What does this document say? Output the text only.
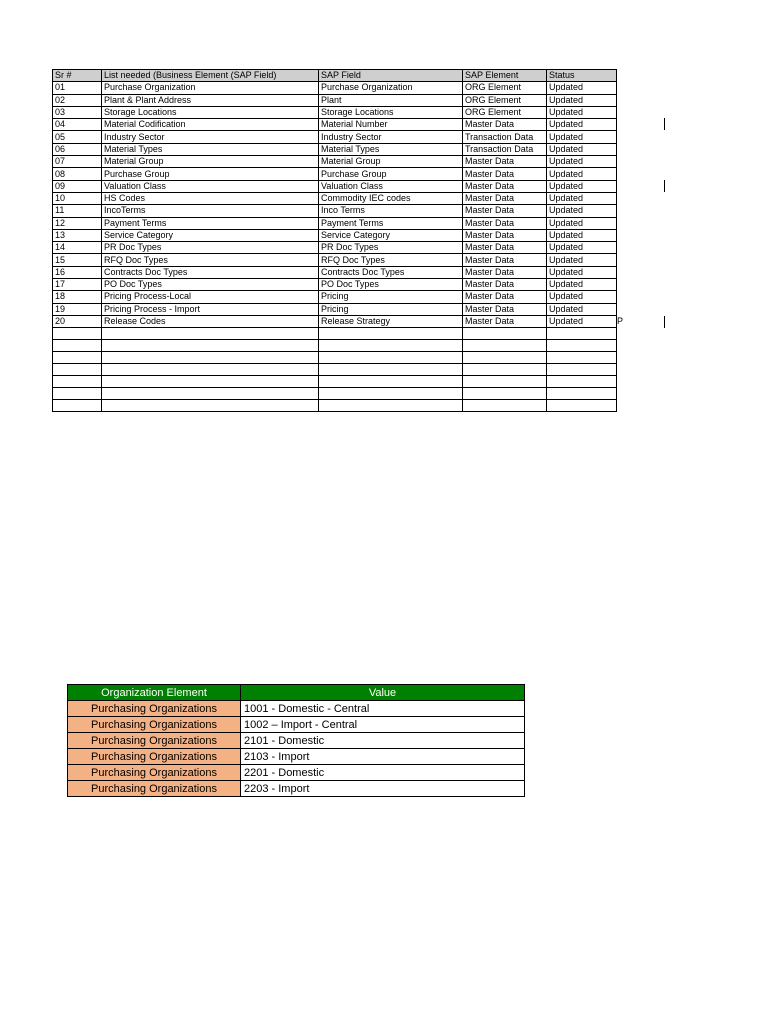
Sr #	List needed (Business Element (SAP Field)	SAP Field	SAP Element	Status
01	Purchase Organization	Purchase Organization	ORG Element	Updated
02	Plant & Plant Address	Plant	ORG Element	Updated
03	Storage Locations	Storage Locations	ORG Element	Updated
04	Material Codification	Material Number	Master Data	Updated
05	Industry Sector	Industry Sector	Transaction Data	Updated
06	Material Types	Material Types	Transaction Data	Updated
07	Material Group	Material Group	Master Data	Updated
08	Purchase Group	Purchase Group	Master Data	Updated
09	Valuation Class	Valuation Class	Master Data	Updated
10	HS Codes	Commodity IEC codes	Master Data	Updated
11	IncoTerms	Inco Terms	Master Data	Updated
12	Payment Terms	Payment Terms	Master Data	Updated
13	Service Category	Service Category	Master Data	Updated
14	PR Doc Types	PR Doc Types	Master Data	Updated
15	RFQ Doc Types	RFQ Doc Types	Master Data	Updated
16	Contracts Doc Types	Contracts Doc Types	Master Data	Updated
17	PO Doc Types	PO Doc Types	Master Data	Updated
18	Pricing Process-Local	Pricing	Master Data	Updated
19	Pricing Process - Import	Pricing	Master Data	Updated
20	Release Codes	Release Strategy	Master Data	Updated

					P
Organization Element	Value
Purchasing Organizations	1001 - Domestic - Central
Purchasing Organizations	1002 – Import - Central
Purchasing Organizations	2101 - Domestic
Purchasing Organizations	2103 - Import
Purchasing Organizations	2201 - Domestic
Purchasing Organizations	2203 - Import
